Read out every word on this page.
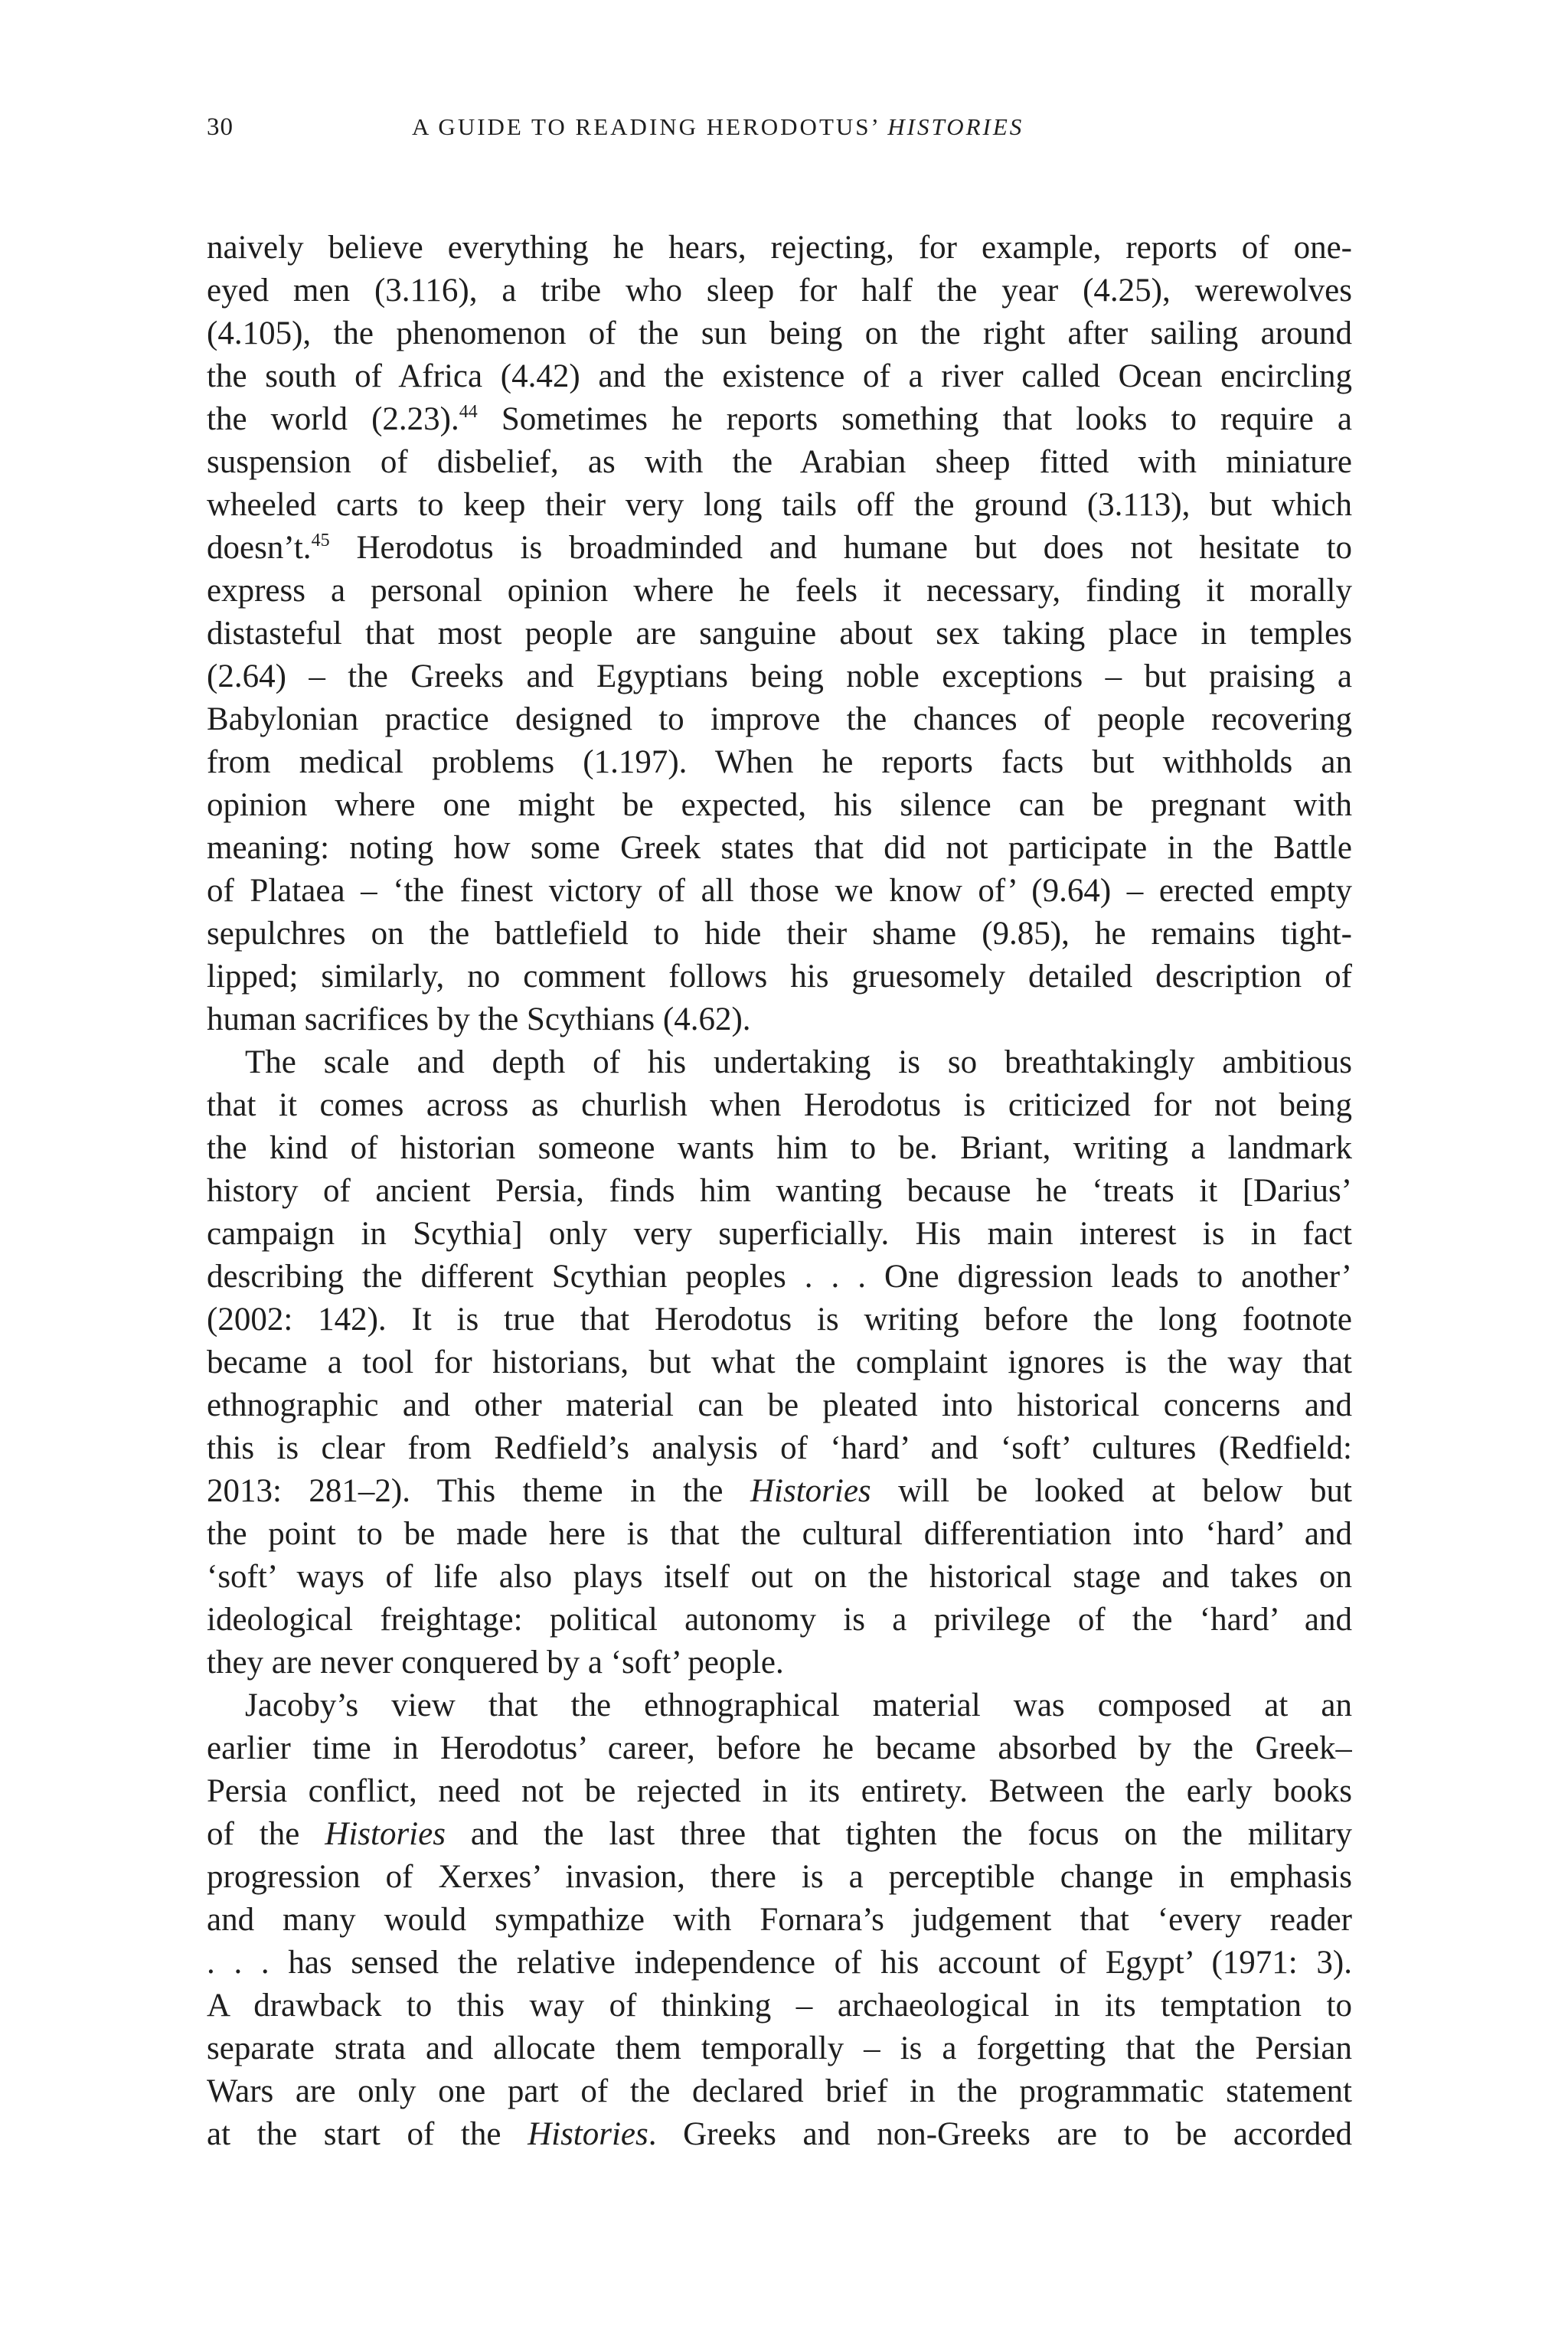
30	A GUIDE TO READING HERODOTUS’ HISTORIES
naively believe everything he hears, rejecting, for example, reports of one-
eyed men (3.116), a tribe who sleep for half the year (4.25), werewolves
(4.105), the phenomenon of the sun being on the right after sailing around
the south of Africa (4.42) and the existence of a river called Ocean encircling
the world (2.23).$^{44}$ Sometimes he reports something that looks to require a
suspension of disbelief, as with the Arabian sheep fitted with miniature
wheeled carts to keep their very long tails off the ground (3.113), but which
doesn’t.$^{45}$ Herodotus is broadminded and humane but does not hesitate to
express a personal opinion where he feels it necessary, finding it morally
distasteful that most people are sanguine about sex taking place in temples
(2.64) – the Greeks and Egyptians being noble exceptions – but praising a
Babylonian practice designed to improve the chances of people recovering
from medical problems (1.197). When he reports facts but withholds an
opinion where one might be expected, his silence can be pregnant with
meaning: noting how some Greek states that did not participate in the Battle
of Plataea – ‘the finest victory of all those we know of’ (9.64) – erected empty
sepulchres on the battlefield to hide their shame (9.85), he remains tight-
lipped; similarly, no comment follows his gruesomely detailed description of
human sacrifices by the Scythians (4.62).
The scale and depth of his undertaking is so breathtakingly ambitious
that it comes across as churlish when Herodotus is criticized for not being
the kind of historian someone wants him to be. Briant, writing a landmark
history of ancient Persia, finds him wanting because he ‘treats it [Darius’
campaign in Scythia] only very superficially. His main interest is in fact
describing the different Scythian peoples . . . One digression leads to another’
(2002: 142). It is true that Herodotus is writing before the long footnote
became a tool for historians, but what the complaint ignores is the way that
ethnographic and other material can be pleated into historical concerns and
this is clear from Redfield’s analysis of ‘hard’ and ‘soft’ cultures (Redfield:
2013: 281–2). This theme in the Histories will be looked at below but
the point to be made here is that the cultural differentiation into ‘hard’ and
‘soft’ ways of life also plays itself out on the historical stage and takes on
ideological freightage: political autonomy is a privilege of the ‘hard’ and
they are never conquered by a ‘soft’ people.
Jacoby’s view that the ethnographical material was composed at an
earlier time in Herodotus’ career, before he became absorbed by the Greek–
Persia conflict, need not be rejected in its entirety. Between the early books
of the Histories and the last three that tighten the focus on the military
progression of Xerxes’ invasion, there is a perceptible change in emphasis
and many would sympathize with Fornara’s judgement that ‘every reader
. . . has sensed the relative independence of his account of Egypt’ (1971: 3).
A drawback to this way of thinking – archaeological in its temptation to
separate strata and allocate them temporally – is a forgetting that the Persian
Wars are only one part of the declared brief in the programmatic statement
at the start of the Histories. Greeks and non-Greeks are to be accorded
